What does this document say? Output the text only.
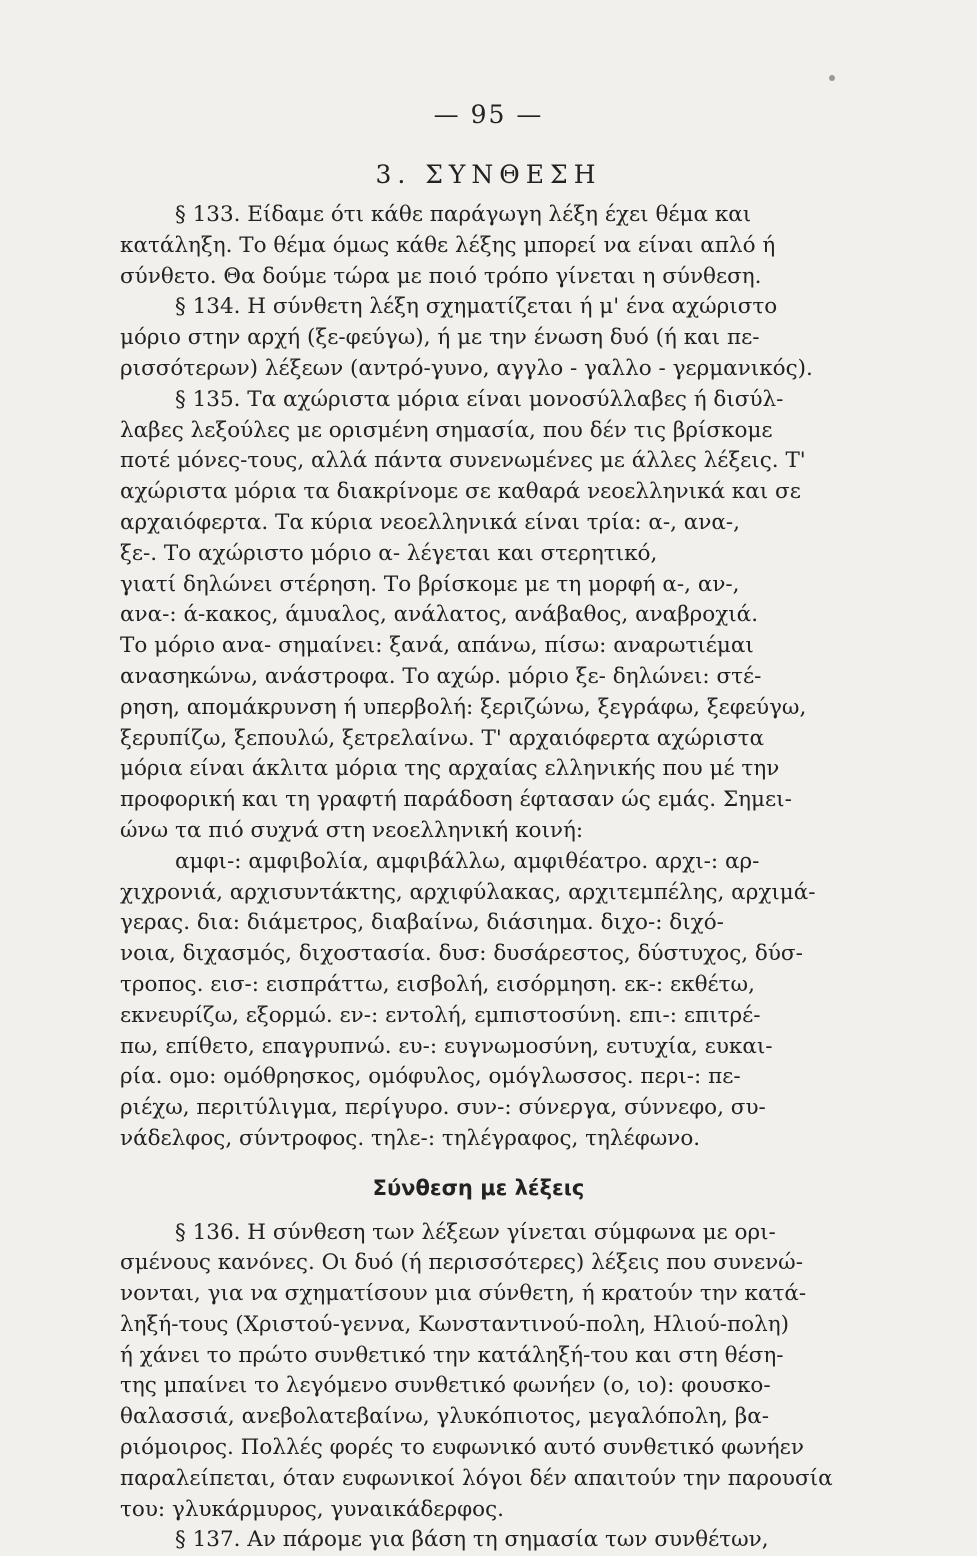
— 95 —
3. ΣΥΝΘΕΣΗ
§ 133. Είδαμε ότι κάθε παράγωγη λέξη έχει θέμα και
κατάληξη. Το θέμα όμως κάθε λέξης μπορεί να είναι απλό ή
σύνθετο. Θα δούμε τώρα με ποιό τρόπο γίνεται η σύνθεση.
§ 134. Η σύνθετη λέξη σχηματίζεται ή μ' ένα αχώριστο
μόριο στην αρχή (ξε-φεύγω), ή με την ένωση δυό (ή και πε-
ρισσότερων) λέξεων (αντρό-γυνο, αγγλο - γαλλο - γερμανικός).
§ 135. Τα αχώριστα μόρια είναι μονοσύλλαβες ή δισύλ-
λαβες λεξούλες με ορισμένη σημασία, που δέν τις βρίσκομε
ποτέ μόνες-τους, αλλά πάντα συνενωμένες με άλλες λέξεις. Τ'
αχώριστα μόρια τα διακρίνομε σε καθαρά νεοελληνικά και σε
αρχαιόφερτα. Τα κύρια νεοελληνικά είναι τρία: α-, ανα-,
ξε-. Το αχώριστο μόριο α- λέγεται και στερητικό,
γιατί δηλώνει στέρηση. Το βρίσκομε με τη μορφή α-, αν-,
ανα-: ά-κακος, άμυαλος, ανάλατος, ανάβαθος, αναβροχιά.
Το μόριο ανα- σημαίνει: ξανά, απάνω, πίσω: αναρωτιέμαι
ανασηκώνω, ανάστροφα. Το αχώρ. μόριο ξε- δηλώνει: στέ-
ρηση, απομάκρυνση ή υπερβολή: ξεριζώνω, ξεγράφω, ξεφεύγω,
ξερυπίζω, ξεπουλώ, ξετρελαίνω. Τ' αρχαιόφερτα αχώριστα
μόρια είναι άκλιτα μόρια της αρχαίας ελληνικής που μέ την
προφορική και τη γραφτή παράδοση έφτασαν ώς εμάς. Σημει-
ώνω τα πιό συχνά στη νεοελληνική κοινή:
αμφι-: αμφιβολία, αμφιβάλλω, αμφιθέατρο. αρχι-: αρ-
χιχρονιά, αρχισυντάκτης, αρχιφύλακας, αρχιτεμπέλης, αρχιμά-
γερας. δια: διάμετρος, διαβαίνω, διάσιημα. διχο-: διχό-
νοια, διχασμός, διχοστασία. δυσ: δυσάρεστος, δύστυχος, δύσ-
τροπος. εισ-: εισπράττω, εισβολή, εισόρμηση. εκ-: εκθέτω,
εκνευρίζω, εξορμώ. εν-: εντολή, εμπιστοσύνη. επι-: επιτρέ-
πω, επίθετο, επαγρυπνώ. ευ-: ευγνωμοσύνη, ευτυχία, ευκαι-
ρία. ομο: ομόθρησκος, ομόφυλος, ομόγλωσσος. περι-: πε-
ριέχω, περιτύλιγμα, περίγυρο. συν-: σύνεργα, σύννεφο, συ-
νάδελφος, σύντροφος. τηλε-: τηλέγραφος, τηλέφωνο.
Σύνθεση με λέξεις
§ 136. Η σύνθεση των λέξεων γίνεται σύμφωνα με ορι-
σμένους κανόνες. Οι δυό (ή περισσότερες) λέξεις που συνενώ-
νονται, για να σχηματίσουν μια σύνθετη, ή κρατούν την κατά-
ληξή-τους (Χριστού-γεννα, Κωνσταντινού-πολη, Ηλιού-πολη)
ή χάνει το πρώτο συνθετικό την κατάληξή-του και στη θέση-
της μπαίνει το λεγόμενο συνθετικό φωνήεν (ο, ιο): φουσκο-
θαλασσιά, ανεβολατεβαίνω, γλυκόπιοτος, μεγαλόπολη, βα-
ριόμοιρος. Πολλές φορές το ευφωνικό αυτό συνθετικό φωνήεν
παραλείπεται, όταν ευφωνικοί λόγοι δέν απαιτούν την παρουσία
του: γλυκάρμυρος, γυναικάδερφος.
§ 137. Αν πάρομε για βάση τη σημασία των συνθέτων,
